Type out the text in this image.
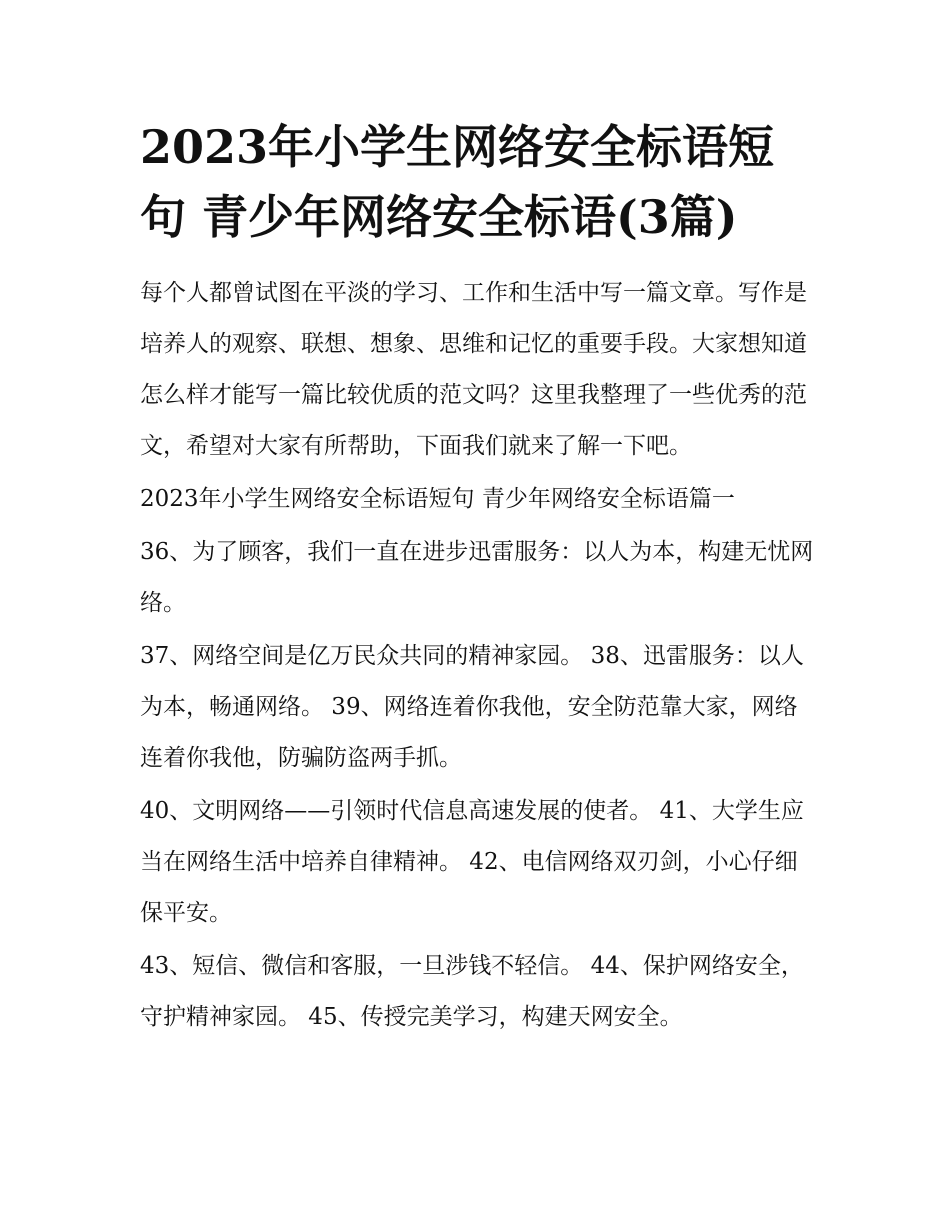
2023年小学生网络安全标语短
句 青少年网络安全标语(3篇)

每个人都曾试图在平淡的学习、工作和生活中写一篇文章。写作是培养人的观察、联想、想象、思维和记忆的重要手段。大家想知道怎么样才能写一篇比较优质的范文吗？这里我整理了一些优秀的范文，希望对大家有所帮助，下面我们就来了解一下吧。

2023年小学生网络安全标语短句 青少年网络安全标语篇一

36、为了顾客，我们一直在进步迅雷服务：以人为本，构建无忧网络。

37、网络空间是亿万民众共同的精神家园。 38、迅雷服务：以人为本，畅通网络。 39、网络连着你我他，安全防范靠大家，网络连着你我他，防骗防盗两手抓。

40、文明网络——引领时代信息高速发展的使者。 41、大学生应当在网络生活中培养自律精神。 42、电信网络双刃剑，小心仔细保平安。

43、短信、微信和客服，一旦涉钱不轻信。 44、保护网络安全，守护精神家园。 45、传授完美学习，构建天网安全。
